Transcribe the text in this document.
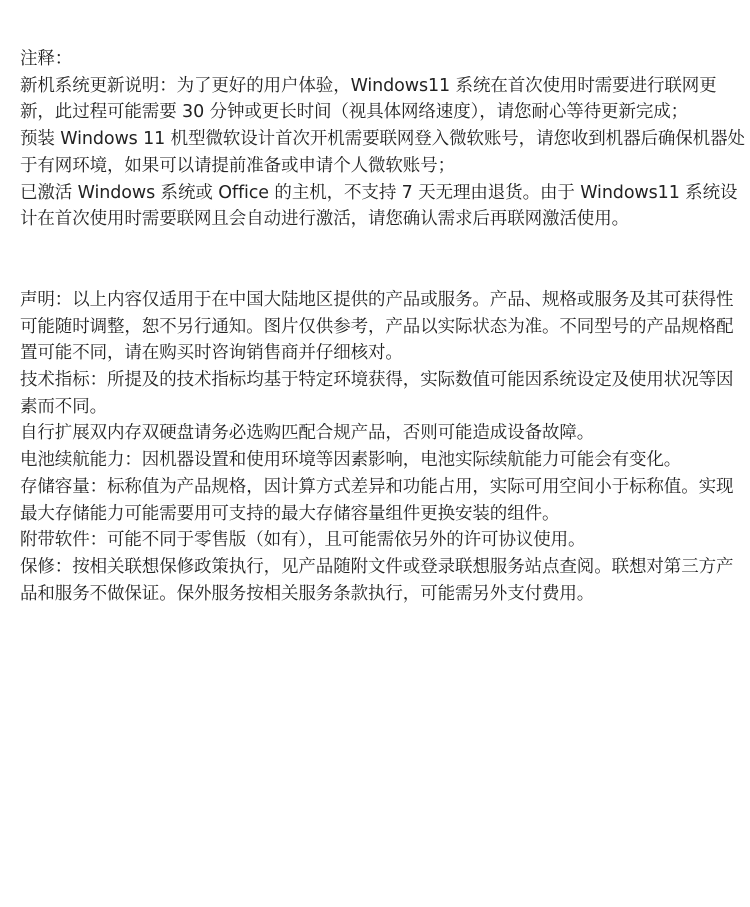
注释：

新机系统更新说明：为了更好的用户体验，Windows11 系统在首次使用时需要进行联网更新，此过程可能需要 30 分钟或更长时间（视具体网络速度），请您耐心等待更新完成；

预装 Windows 11 机型微软设计首次开机需要联网登入微软账号，请您收到机器后确保机器处于有网环境，如果可以请提前准备或申请个人微软账号；

已激活 Windows 系统或 Office 的主机，不支持 7 天无理由退货。由于 Windows11 系统设计在首次使用时需要联网且会自动进行激活，请您确认需求后再联网激活使用。

声明：以上内容仅适用于在中国大陆地区提供的产品或服务。产品、规格或服务及其可获得性可能随时调整，恕不另行通知。图片仅供参考，产品以实际状态为准。不同型号的产品规格配置可能不同，请在购买时咨询销售商并仔细核对。

技术指标：所提及的技术指标均基于特定环境获得，实际数值可能因系统设定及使用状况等因素而不同。

自行扩展双内存双硬盘请务必选购匹配合规产品，否则可能造成设备故障。

电池续航能力：因机器设置和使用环境等因素影响，电池实际续航能力可能会有变化。

存储容量：标称值为产品规格，因计算方式差异和功能占用，实际可用空间小于标称值。实现最大存储能力可能需要用可支持的最大存储容量组件更换安装的组件。

附带软件：可能不同于零售版（如有），且可能需依另外的许可协议使用。

保修：按相关联想保修政策执行，见产品随附文件或登录联想服务站点查阅。联想对第三方产品和服务不做保证。保外服务按相关服务条款执行，可能需另外支付费用。
